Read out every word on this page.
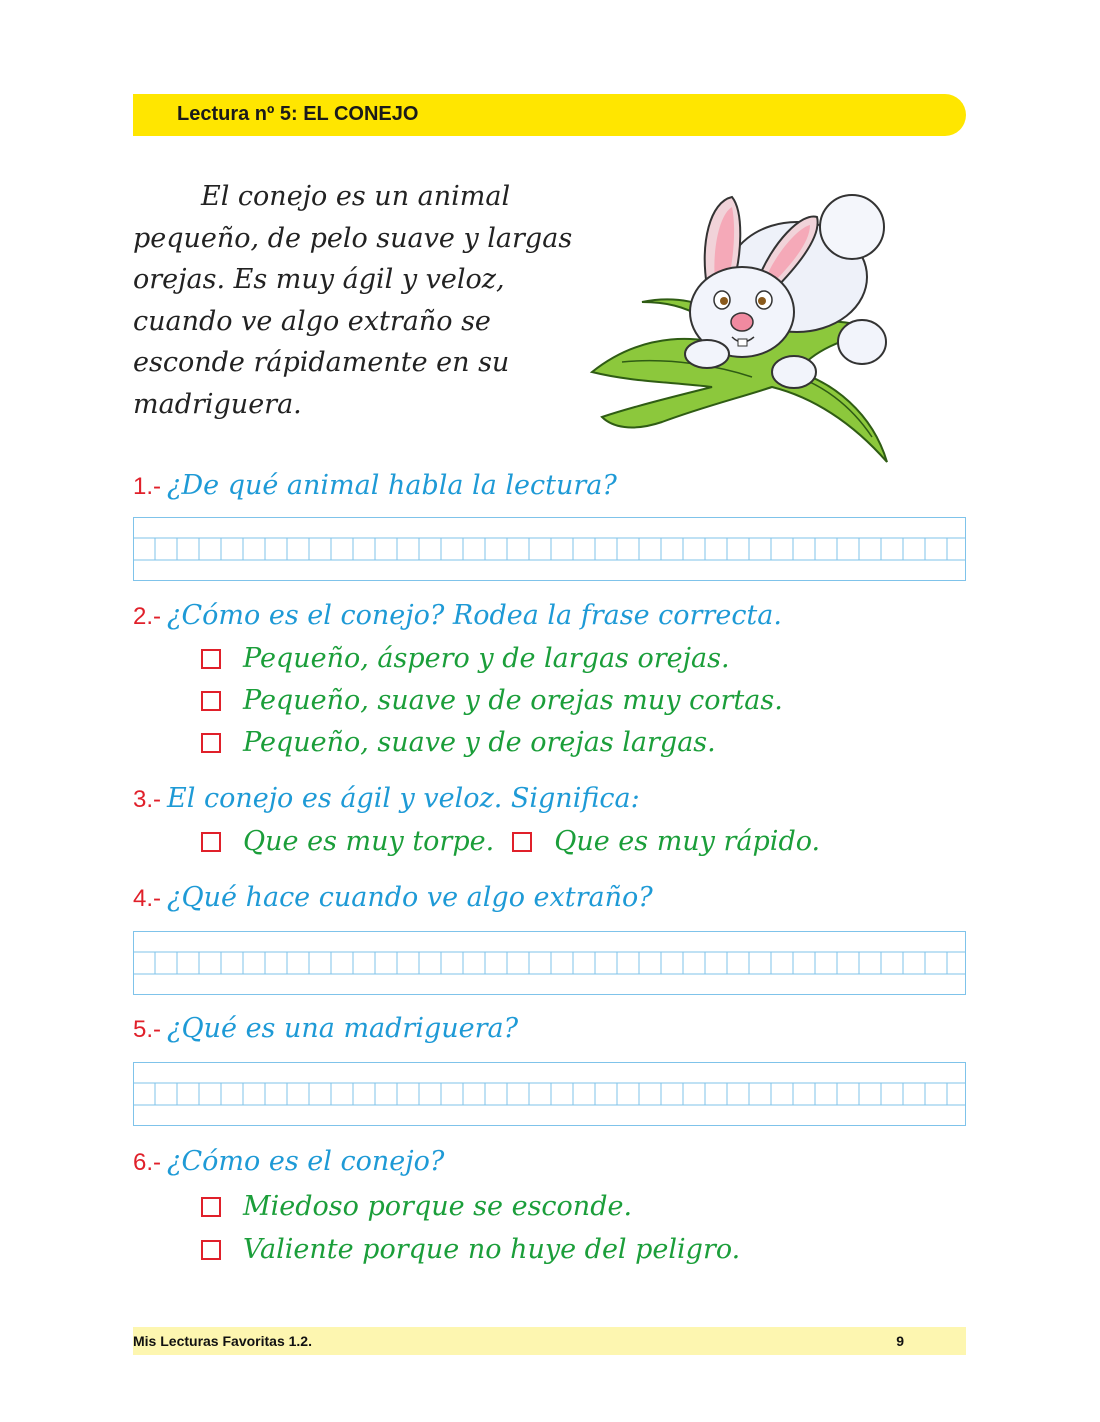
Lectura nº 5: EL CONEJO
El conejo es un animal
pequeño, de pelo suave y largas
orejas. Es muy ágil y veloz,
cuando ve algo extraño se
esconde rápidamente en su
madriguera.
1.- ¿De qué animal habla la lectura?
2.- ¿Cómo es el conejo? Rodea la frase correcta.
Pequeño, áspero y de largas orejas.
Pequeño, suave y de orejas muy cortas.
Pequeño, suave y de orejas largas.
3.- El conejo es ágil y veloz. Significa:
Que es muy torpe. Que es muy rápido.
4.- ¿Qué hace cuando ve algo extraño?
5.- ¿Qué es una madriguera?
6.- ¿Cómo es el conejo?
Miedoso porque se esconde.
Valiente porque no huye del peligro.
Mis Lecturas Favoritas 1.2.	9
